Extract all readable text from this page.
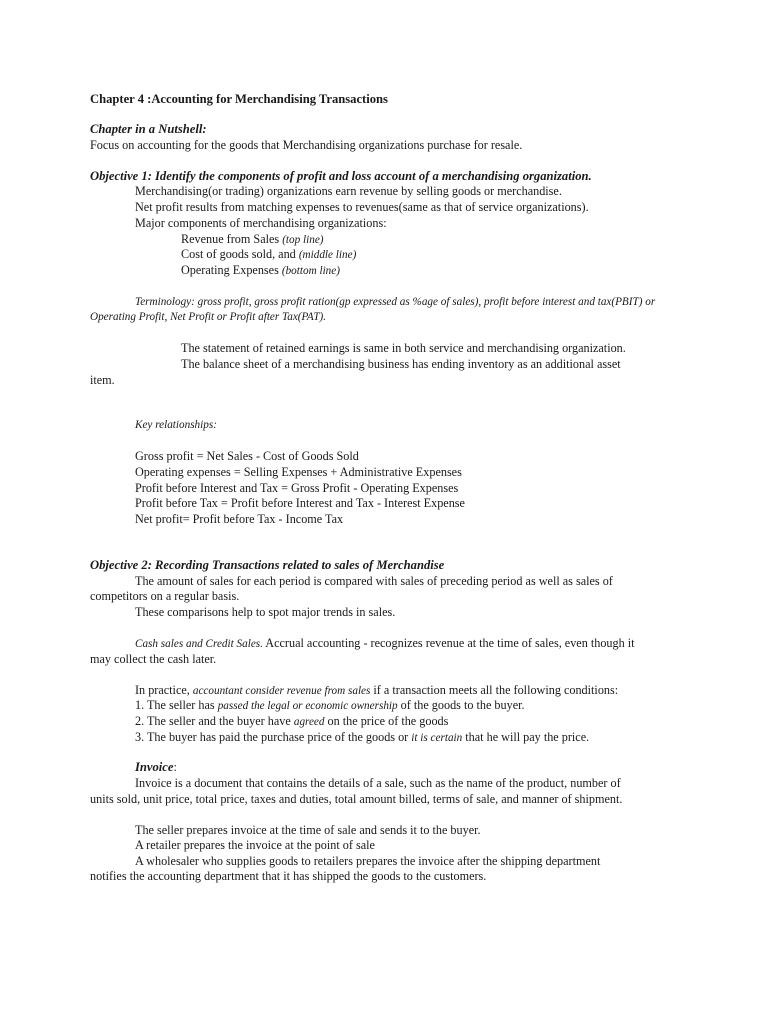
Chapter 4 :Accounting for Merchandising Transactions
Chapter in a Nutshell:
Focus on accounting for the goods that Merchandising organizations purchase for resale.
Objective 1: Identify the components of profit and loss account of a merchandising organization.
Merchandising(or trading) organizations earn revenue by selling goods or merchandise.
Net profit results from matching expenses to revenues(same as that of service organizations).
Major components of merchandising organizations:
Revenue from Sales (top line)
Cost of goods sold, and (middle line)
Operating Expenses (bottom line)
Terminology: gross profit, gross profit ration(gp expressed as %age of sales), profit before interest and tax(PBIT) or
Operating Profit, Net Profit or Profit after Tax(PAT).
The statement of retained earnings is same in both service and merchandising organization.
The balance sheet of a merchandising business has ending inventory as an additional asset
item.
Key relationships:
Gross profit = Net Sales - Cost of Goods Sold
Operating expenses = Selling Expenses + Administrative Expenses
Profit before Interest and Tax = Gross Profit - Operating Expenses
Profit before Tax = Profit before Interest and Tax - Interest Expense
Net profit= Profit before Tax - Income Tax
Objective 2: Recording Transactions related to sales of Merchandise
The amount of sales for each period is compared with sales of preceding period as well as sales of
competitors on a regular basis.
These comparisons help to spot major trends in sales.
Cash sales and Credit Sales. Accrual accounting - recognizes revenue at the time of sales, even though it
may collect the cash later.
In practice, accountant consider revenue from sales if a transaction meets all the following conditions:
1. The seller has passed the legal or economic ownership of the goods to the buyer.
2. The seller and the buyer have agreed on the price of the goods
3. The buyer has paid the purchase price of the goods or it is certain that he will pay the price.
Invoice:
Invoice is a document that contains the details of a sale, such as the name of the product, number of
units sold, unit price, total price, taxes and duties, total amount billed, terms of sale, and manner of shipment.
The seller prepares invoice at the time of sale and sends it to the buyer.
A retailer prepares the invoice at the point of sale
A wholesaler who supplies goods to retailers prepares the invoice after the shipping department
notifies the accounting department that it has shipped the goods to the customers.
